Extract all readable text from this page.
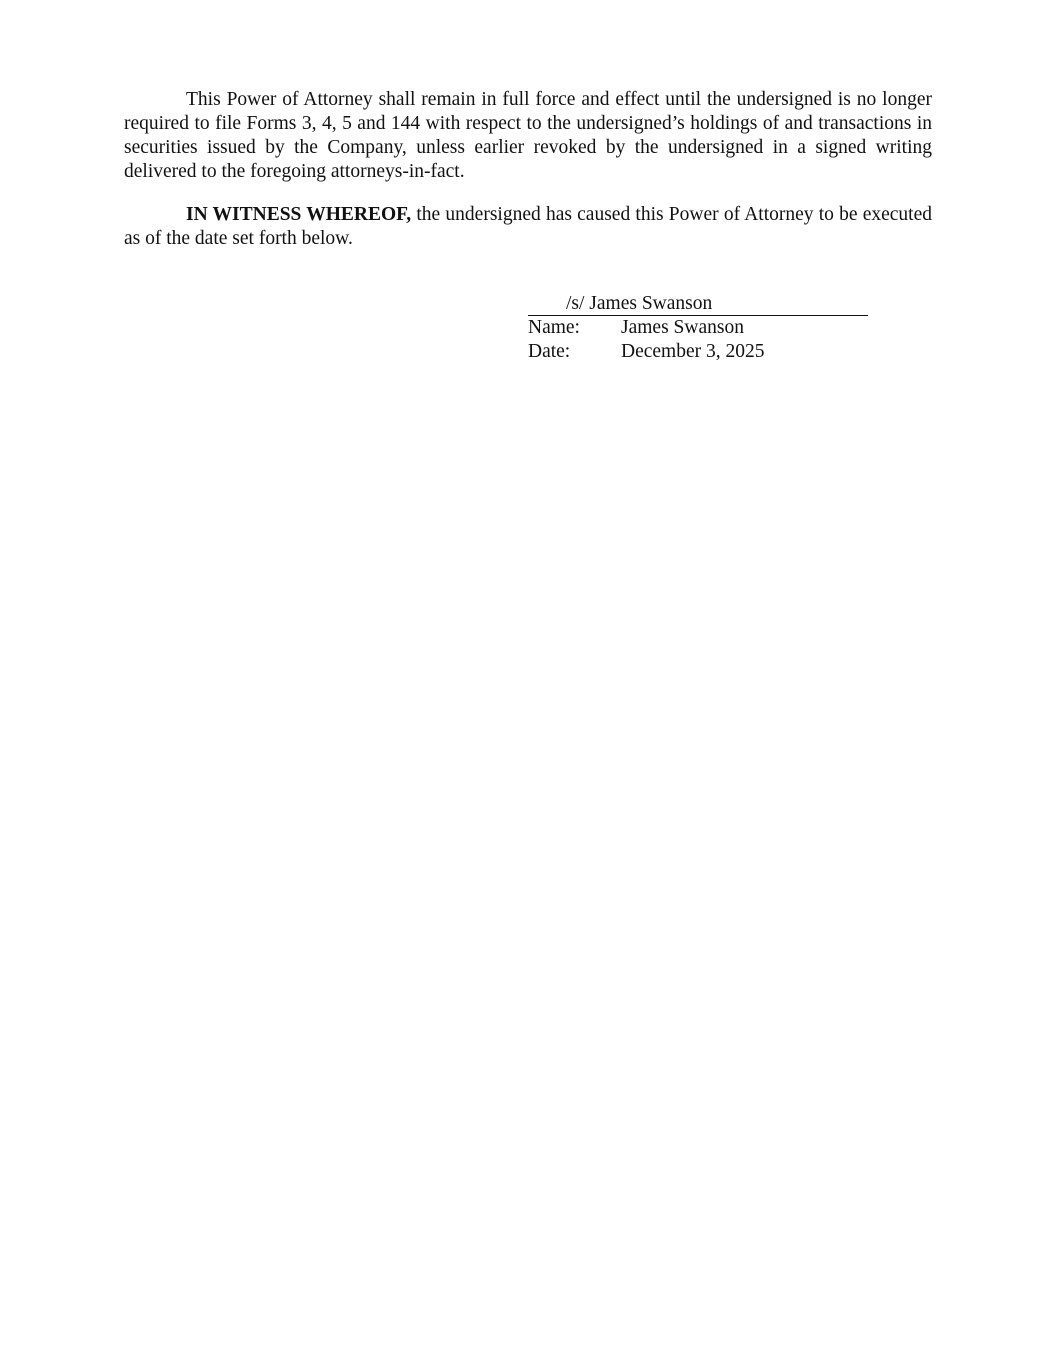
This Power of Attorney shall remain in full force and effect until the undersigned is no longer required to file Forms 3, 4, 5 and 144 with respect to the undersigned’s holdings of and transactions in securities issued by the Company, unless earlier revoked by the undersigned in a signed writing delivered to the foregoing attorneys-in-fact.

IN WITNESS WHEREOF, the undersigned has caused this Power of Attorney to be executed as of the date set forth below.

/s/ James Swanson
Name: James Swanson
Date:	December 3, 2025
